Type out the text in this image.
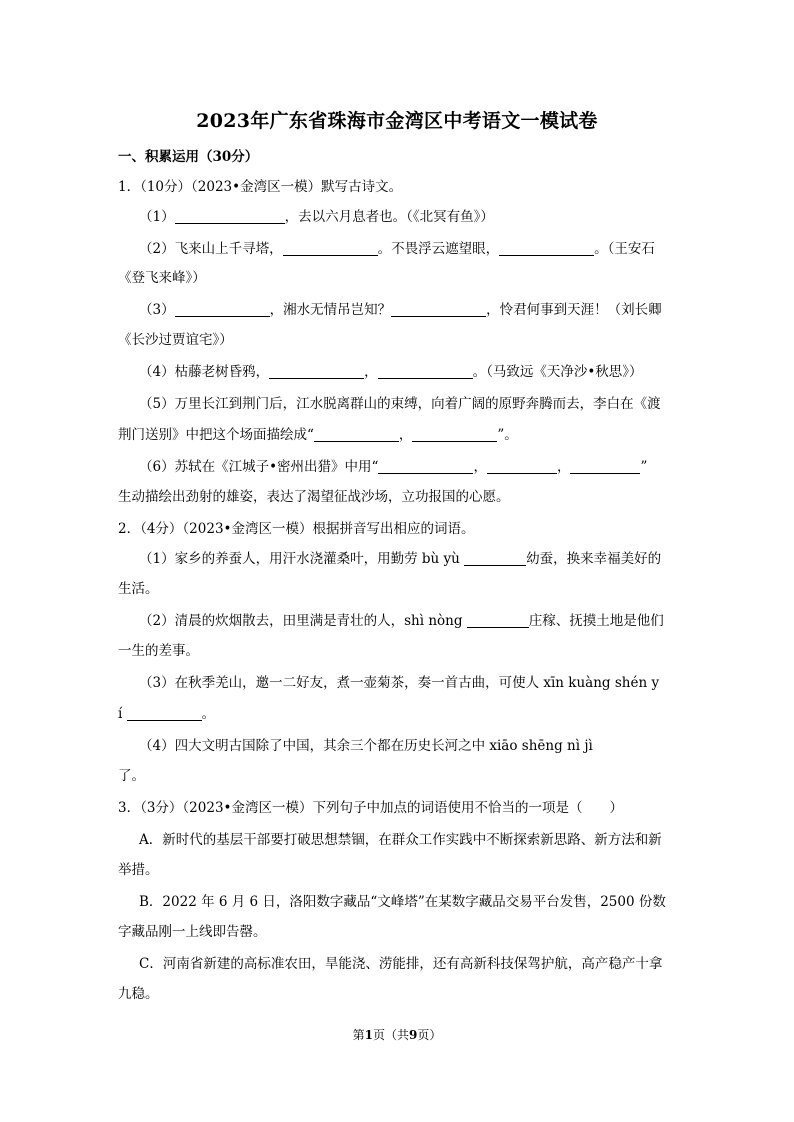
2023年广东省珠海市金湾区中考语文一模试卷
一、积累运用（30分）
1．（10分）（2023•金湾区一模）默写古诗文。
（1）	，去以六月息者也。（《北冥有鱼》）
（2）飞来山上千寻塔，	。不畏浮云遮望眼，	。（王安石
《登飞来峰》）
（3）	，湘水无情吊岂知？	，怜君何事到天涯！（刘长卿
《长沙过贾谊宅》）
（4）枯藤老树昏鸦，	，	。（马致远《天净沙•秋思》）
（5）万里长江到荆门后，江水脱离群山的束缚，向着广阔的原野奔腾而去，李白在《渡
荆门送别》中把这个场面描绘成“	，	”。
（6）苏轼在《江城子•密州出猎》中用“	，	，	”
生动描绘出劲射的雄姿，表达了渴望征战沙场，立功报国的心愿。
2．（4分）（2023•金湾区一模）根据拼音写出相应的词语。
（1）家乡的养蚕人，用汗水浇灌桑叶，用勤劳 bù yù	幼蚕，换来幸福美好的
生活。
（2）清晨的炊烟散去，田里满是青壮的人，shì nòng	庄稼、抚摸土地是他们
一生的差事。
（3）在秋季羌山，邀一二好友，煮一壶菊茶，奏一首古曲，可使人 xīn kuàng shén y
í	。
（4）四大文明古国除了中国，其余三个都在历史长河之中 xiāo shēng nì jì
了。
3．（3分）（2023•金湾区一模）下列句子中加点的词语使用不恰当的一项是（　　）
A．新时代的基层干部要打破思想禁锢，在群众工作实践中不断探索新思路、新方法和新
举措。
B．2022 年 6 月 6 日，洛阳数字藏品“文峰塔”在某数字藏品交易平台发售，2500 份数
字藏品刚一上线即告罄。
C．河南省新建的高标准农田，旱能浇、涝能排，还有高新科技保驾护航，高产稳产十拿
九稳。
第1页（共9页）
